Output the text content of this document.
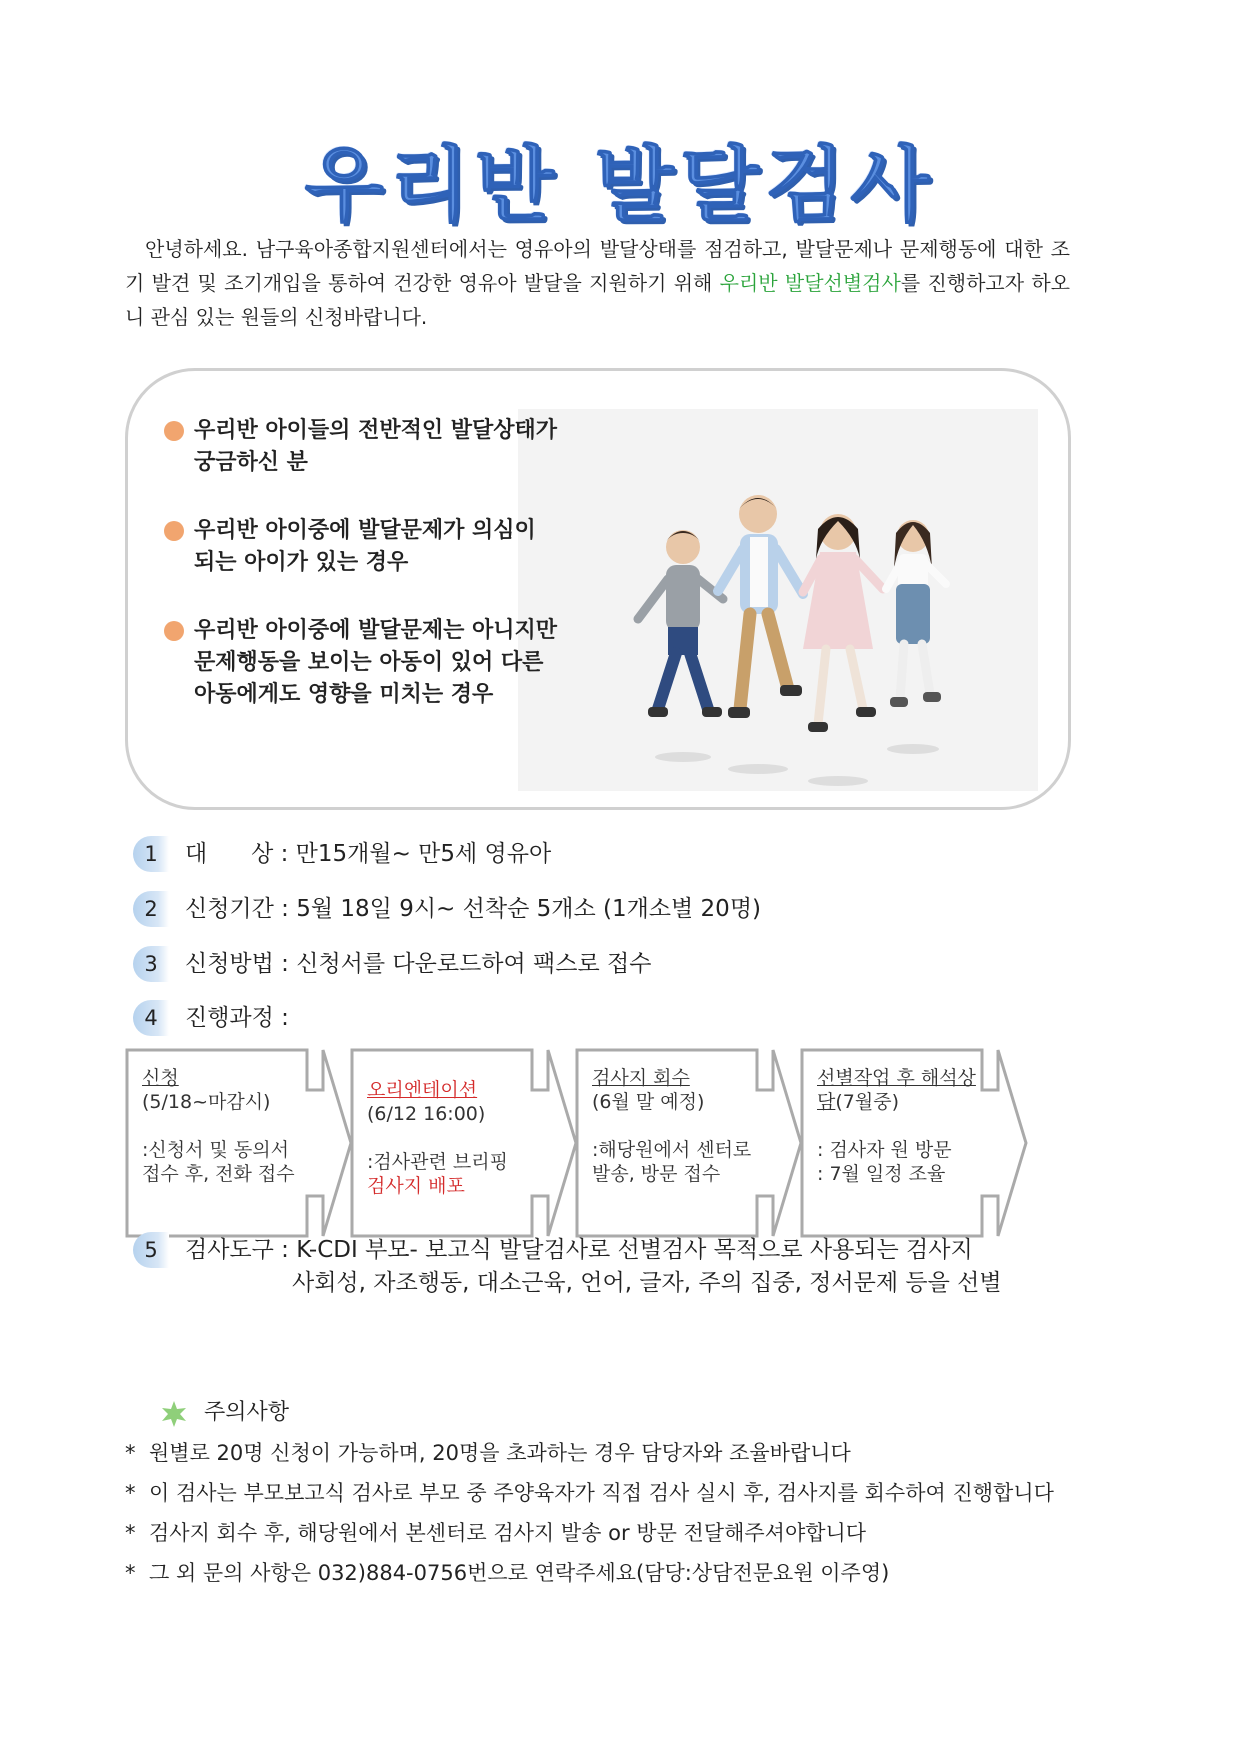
우리반 발달검사
안녕하세요. 남구육아종합지원센터에서는 영유아의 발달상태를 점검하고, 발달문제나 문제행동에 대한 조기 발견 및 조기개입을 통하여 건강한 영유아 발달을 지원하기 위해 우리반 발달선별검사를 진행하고자 하오니 관심 있는 원들의 신청바랍니다.
우리반 아이들의 전반적인 발달상태가 궁금하신 분
우리반 아이중에 발달문제가 의심이 되는 아이가 있는 경우
우리반 아이중에 발달문제는 아니지만 문제행동을 보이는 아동이 있어 다른 아동에게도 영향을 미치는 경우
1	대      상 : 만15개월~ 만5세 영유아
2	신청기간 : 5월 18일 9시~ 선착순 5개소 (1개소별 20명)
3	신청방법 : 신청서를 다운로드하여 팩스로 접수
4	진행과정 :
신청
(5/18~마감시)
:신청서 및 동의서 접수 후, 전화 접수
오리엔테이션
(6/12 16:00)
:검사관련 브리핑
검사지 배포
검사지 회수
(6월 말 예정)
:해당원에서 센터로 발송, 방문 접수
선별작업 후 해석상담(7월중)
: 검사자 원 방문
: 7월 일정 조율
5	검사도구 : K-CDI 부모- 보고식 발달검사로 선별검사 목적으로 사용되는 검사지
사회성, 자조행동, 대소근육, 언어, 글자, 주의 집중, 정서문제 등을 선별
주의사항
* 원별로 20명 신청이 가능하며, 20명을 초과하는 경우 담당자와 조율바랍니다
* 이 검사는 부모보고식 검사로 부모 중 주양육자가 직접 검사 실시 후, 검사지를 회수하여 진행합니다
* 검사지 회수 후, 해당원에서 본센터로 검사지 발송 or 방문 전달해주셔야합니다
* 그 외 문의 사항은 032)884-0756번으로 연락주세요(담당:상담전문요원 이주영)
